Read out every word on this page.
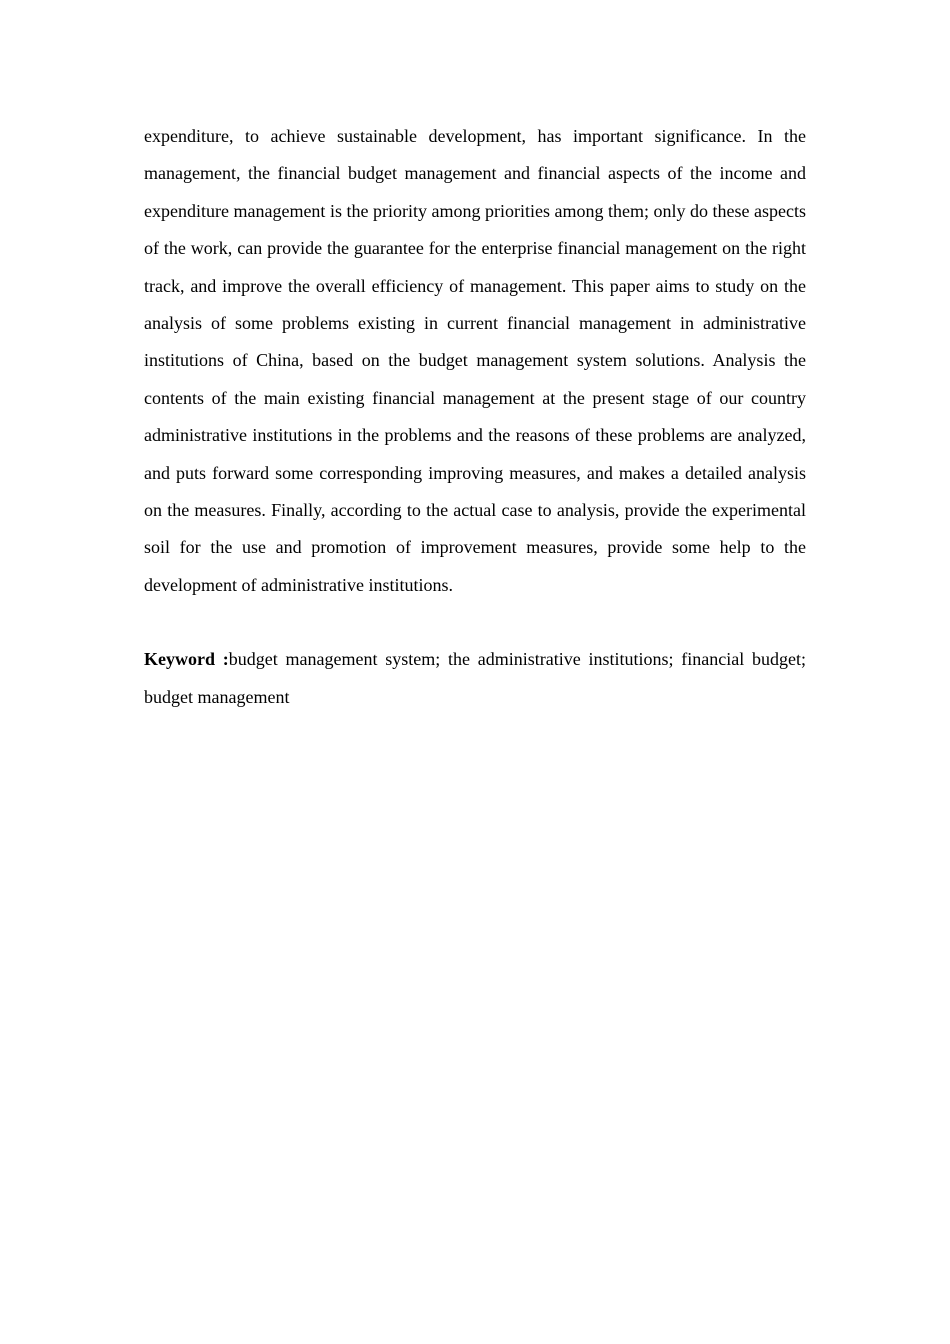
expenditure, to achieve sustainable development, has important significance. In the management, the financial budget management and financial aspects of the income and expenditure management is the priority among priorities among them; only do these aspects of the work, can provide the guarantee for the enterprise financial management on the right track, and improve the overall efficiency of management. This paper aims to study on the analysis of some problems existing in current financial management in administrative institutions of China, based on the budget management system solutions. Analysis the contents of the main existing financial management at the present stage of our country administrative institutions in the problems and the reasons of these problems are analyzed, and puts forward some corresponding improving measures, and makes a detailed analysis on the measures. Finally, according to the actual case to analysis, provide the experimental soil for the use and promotion of improvement measures, provide some help to the development of administrative institutions.

Keyword :budget management system; the administrative institutions; financial budget; budget management
